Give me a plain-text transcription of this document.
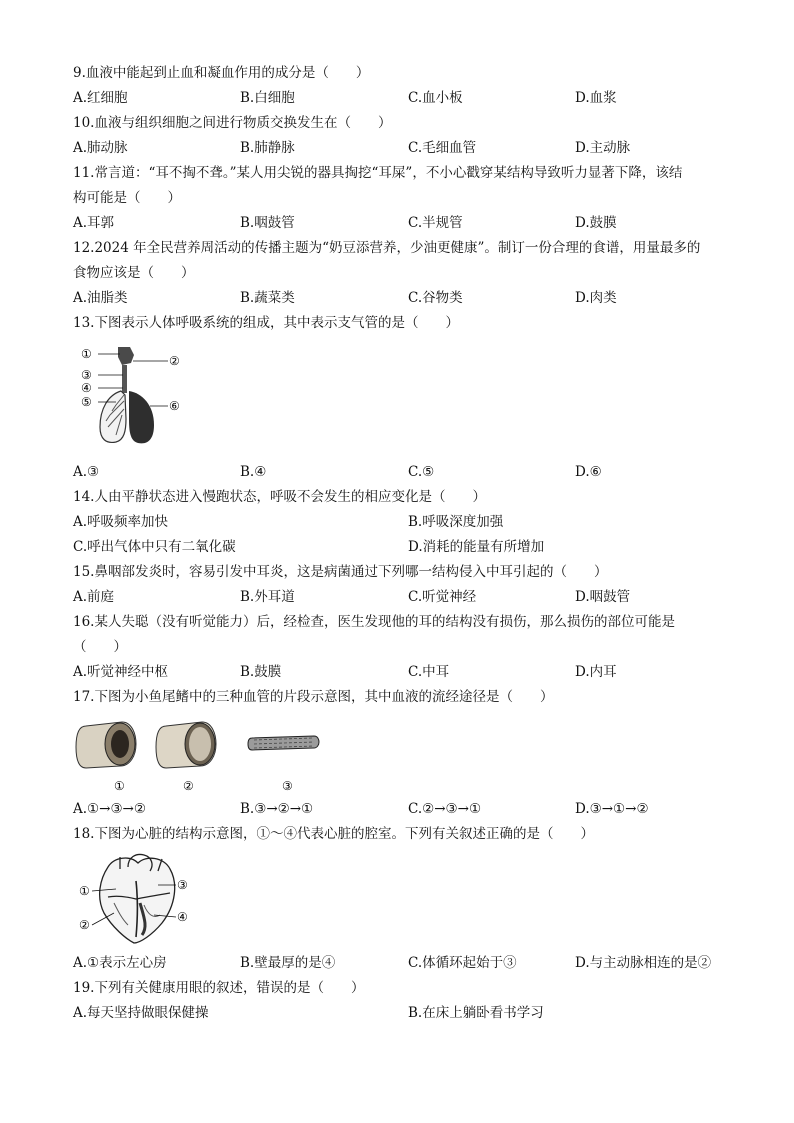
9.血液中能起到止血和凝血作用的成分是（　　）
A.红细胞	B.白细胞	C.血小板	D.血浆
10.血液与组织细胞之间进行物质交换发生在（　　）
A.肺动脉	B.肺静脉	C.毛细血管	D.主动脉
11.常言道：“耳不掏不聋。”某人用尖锐的器具掏挖“耳屎”，不小心戳穿某结构导致听力显著下降，该结
构可能是（　　）
A.耳郭	B.咽鼓管	C.半规管	D.鼓膜
12.2024 年全民营养周活动的传播主题为“奶豆添营养，少油更健康”。制订一份合理的食谱，用量最多的
食物应该是（　　）
A.油脂类	B.蔬菜类	C.谷物类	D.肉类
13.下图表示人体呼吸系统的组成，其中表示支气管的是（　　）
①	②
③
④
⑤	⑥
A.③	B.④	C.⑤	D.⑥
14.人由平静状态进入慢跑状态，呼吸不会发生的相应变化是（　　）
A.呼吸频率加快	B.呼吸深度加强
C.呼出气体中只有二氧化碳	D.消耗的能量有所增加
15.鼻咽部发炎时，容易引发中耳炎，这是病菌通过下列哪一结构侵入中耳引起的（　　）
A.前庭	B.外耳道	C.听觉神经	D.咽鼓管
16.某人失聪（没有听觉能力）后，经检查，医生发现他的耳的结构没有损伤，那么损伤的部位可能是
（　　）
A.听觉神经中枢	B.鼓膜	C.中耳	D.内耳
17.下图为小鱼尾鳍中的三种血管的片段示意图，其中血液的流经途径是（　　）
①	②	③
A.①→③→②	B.③→②→①	C.②→③→①	D.③→①→②
18.下图为心脏的结构示意图，①～④代表心脏的腔室。下列有关叙述正确的是（　　）
①
②
③
④
A.①表示左心房	B.壁最厚的是④	C.体循环起始于③	D.与主动脉相连的是②
19.下列有关健康用眼的叙述，错误的是（　　）
A.每天坚持做眼保健操	B.在床上躺卧看书学习
